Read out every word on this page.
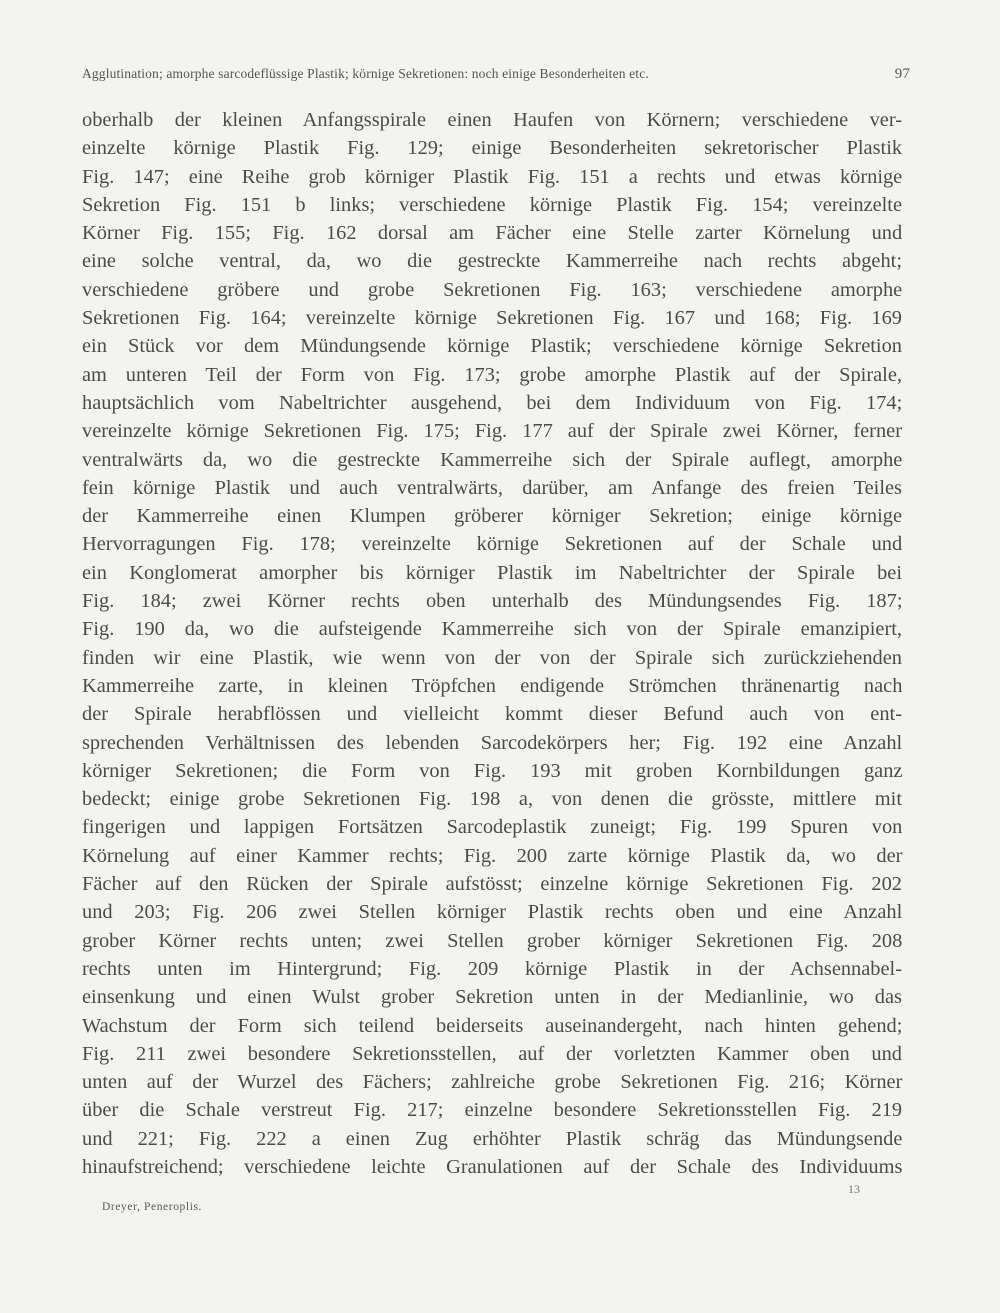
Agglutination; amorphe sarcodeflüssige Plastik; körnige Sekretionen: noch einige Besonderheiten etc.	97
oberhalb der kleinen Anfangsspirale einen Haufen von Körnern; verschiedene ver-
einzelte körnige Plastik Fig. 129; einige Besonderheiten sekretorischer Plastik
Fig. 147; eine Reihe grob körniger Plastik Fig. 151 a rechts und etwas körnige
Sekretion Fig. 151 b links; verschiedene körnige Plastik Fig. 154; vereinzelte
Körner Fig. 155; Fig. 162 dorsal am Fächer eine Stelle zarter Körnelung und
eine solche ventral, da, wo die gestreckte Kammerreihe nach rechts abgeht;
verschiedene gröbere und grobe Sekretionen Fig. 163; verschiedene amorphe
Sekretionen Fig. 164; vereinzelte körnige Sekretionen Fig. 167 und 168; Fig. 169
ein Stück vor dem Mündungsende körnige Plastik; verschiedene körnige Sekretion
am unteren Teil der Form von Fig. 173; grobe amorphe Plastik auf der Spirale,
hauptsächlich vom Nabeltrichter ausgehend, bei dem Individuum von Fig. 174;
vereinzelte körnige Sekretionen Fig. 175; Fig. 177 auf der Spirale zwei Körner, ferner
ventralwärts da, wo die gestreckte Kammerreihe sich der Spirale auflegt, amorphe
fein körnige Plastik und auch ventralwärts, darüber, am Anfange des freien Teiles
der Kammerreihe einen Klumpen gröberer körniger Sekretion; einige körnige
Hervorragungen Fig. 178; vereinzelte körnige Sekretionen auf der Schale und
ein Konglomerat amorpher bis körniger Plastik im Nabeltrichter der Spirale bei
Fig. 184; zwei Körner rechts oben unterhalb des Mündungsendes Fig. 187;
Fig. 190 da, wo die aufsteigende Kammerreihe sich von der Spirale emanzipiert,
finden wir eine Plastik, wie wenn von der von der Spirale sich zurückziehenden
Kammerreihe zarte, in kleinen Tröpfchen endigende Strömchen thränenartig nach
der Spirale herabflössen und vielleicht kommt dieser Befund auch von ent-
sprechenden Verhältnissen des lebenden Sarcodekörpers her; Fig. 192 eine Anzahl
körniger Sekretionen; die Form von Fig. 193 mit groben Kornbildungen ganz
bedeckt; einige grobe Sekretionen Fig. 198 a, von denen die grösste, mittlere mit
fingerigen und lappigen Fortsätzen Sarcodeplastik zuneigt; Fig. 199 Spuren von
Körnelung auf einer Kammer rechts; Fig. 200 zarte körnige Plastik da, wo der
Fächer auf den Rücken der Spirale aufstösst; einzelne körnige Sekretionen Fig. 202
und 203; Fig. 206 zwei Stellen körniger Plastik rechts oben und eine Anzahl
grober Körner rechts unten; zwei Stellen grober körniger Sekretionen Fig. 208
rechts unten im Hintergrund; Fig. 209 körnige Plastik in der Achsennabel-
einsenkung und einen Wulst grober Sekretion unten in der Medianlinie, wo das
Wachstum der Form sich teilend beiderseits auseinandergeht, nach hinten gehend;
Fig. 211 zwei besondere Sekretionsstellen, auf der vorletzten Kammer oben und
unten auf der Wurzel des Fächers; zahlreiche grobe Sekretionen Fig. 216; Körner
über die Schale verstreut Fig. 217; einzelne besondere Sekretionsstellen Fig. 219
und 221; Fig. 222 a einen Zug erhöhter Plastik schräg das Mündungsende
hinaufstreichend; verschiedene leichte Granulationen auf der Schale des Individuums
13
Dreyer, Peneroplis.
